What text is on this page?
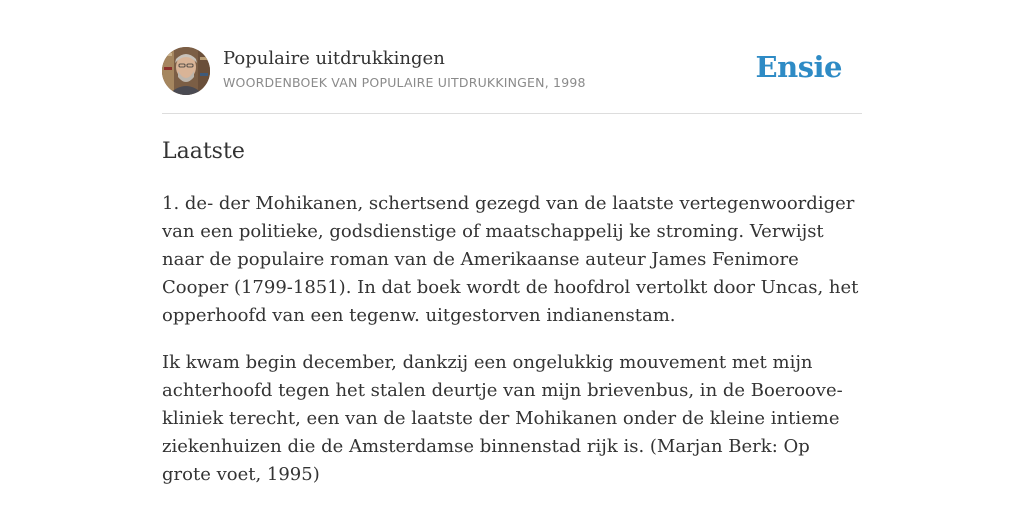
Populaire uitdrukkingen
WOORDENBOEK VAN POPULAIRE UITDRUKKINGEN, 1998	Ensie
Laatste

1. de- der Mohikanen, schertsend gezegd van de laatste vertegenwoordiger van een politieke, godsdienstige of maatschappelij ke stroming. Verwijst naar de populaire roman van de Amerikaanse auteur James Fenimore Cooper (1799-1851). In dat boek wordt de hoofdrol vertolkt door Uncas, het opperhoofd van een tegenw. uitgestorven indianenstam.

Ik kwam begin december, dankzij een ongelukkig mouvement met mijn achterhoofd tegen het stalen deurtje van mijn brievenbus, in de Boeroove-kliniek terecht, een van de laatste der Mohikanen onder de kleine intieme ziekenhuizen die de Amsterdamse binnenstad rijk is. (Marjan Berk: Op grote voet, 1995)
